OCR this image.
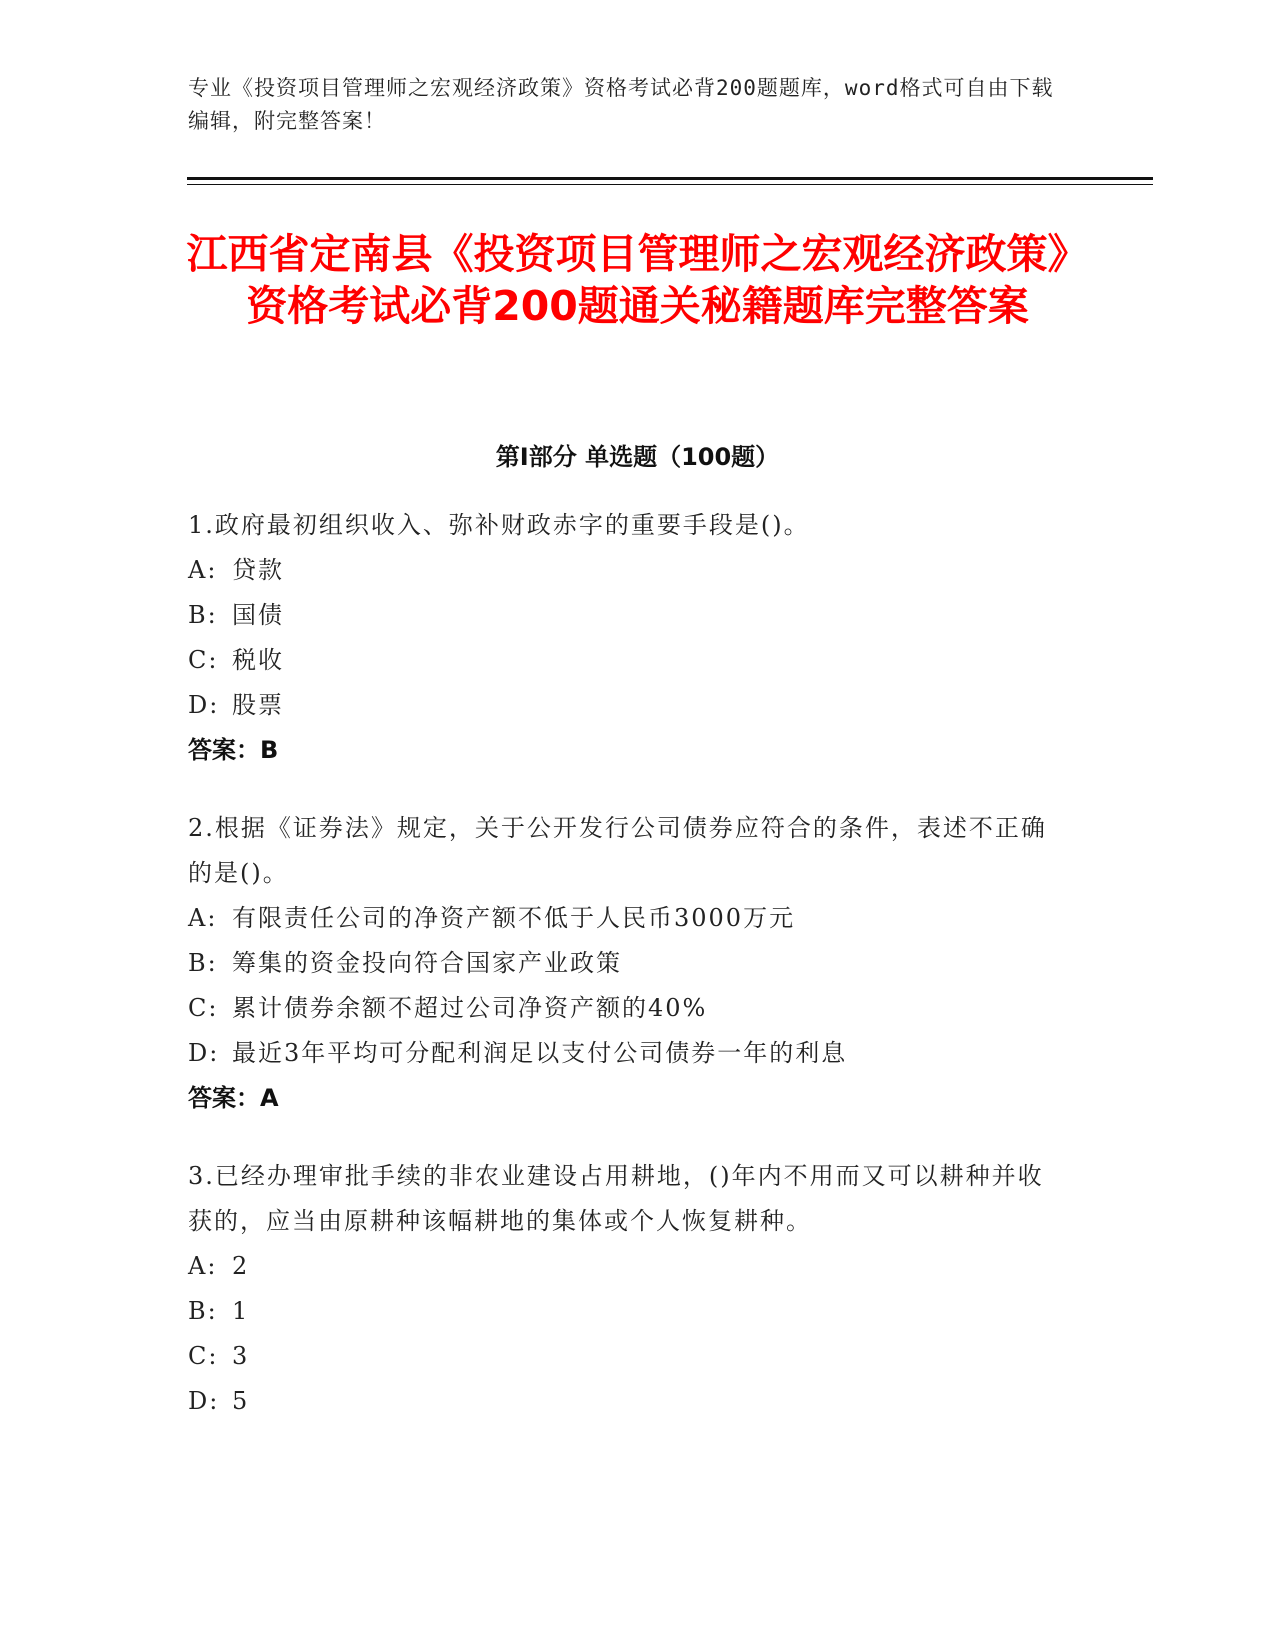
专业《投资项目管理师之宏观经济政策》资格考试必背200题题库，word格式可自由下载编辑，附完整答案！
江西省定南县《投资项目管理师之宏观经济政策》资格考试必背200题通关秘籍题库完整答案
第I部分 单选题（100题）
1.政府最初组织收入、弥补财政赤字的重要手段是()。
A: 贷款
B: 国债
C: 税收
D: 股票
答案：B
2.根据《证券法》规定，关于公开发行公司债券应符合的条件，表述不正确的是()。
A: 有限责任公司的净资产额不低于人民币3000万元
B: 筹集的资金投向符合国家产业政策
C: 累计债券余额不超过公司净资产额的40%
D: 最近3年平均可分配利润足以支付公司债券一年的利息
答案：A
3.已经办理审批手续的非农业建设占用耕地，()年内不用而又可以耕种并收获的，应当由原耕种该幅耕地的集体或个人恢复耕种。
A: 2
B: 1
C: 3
D: 5
